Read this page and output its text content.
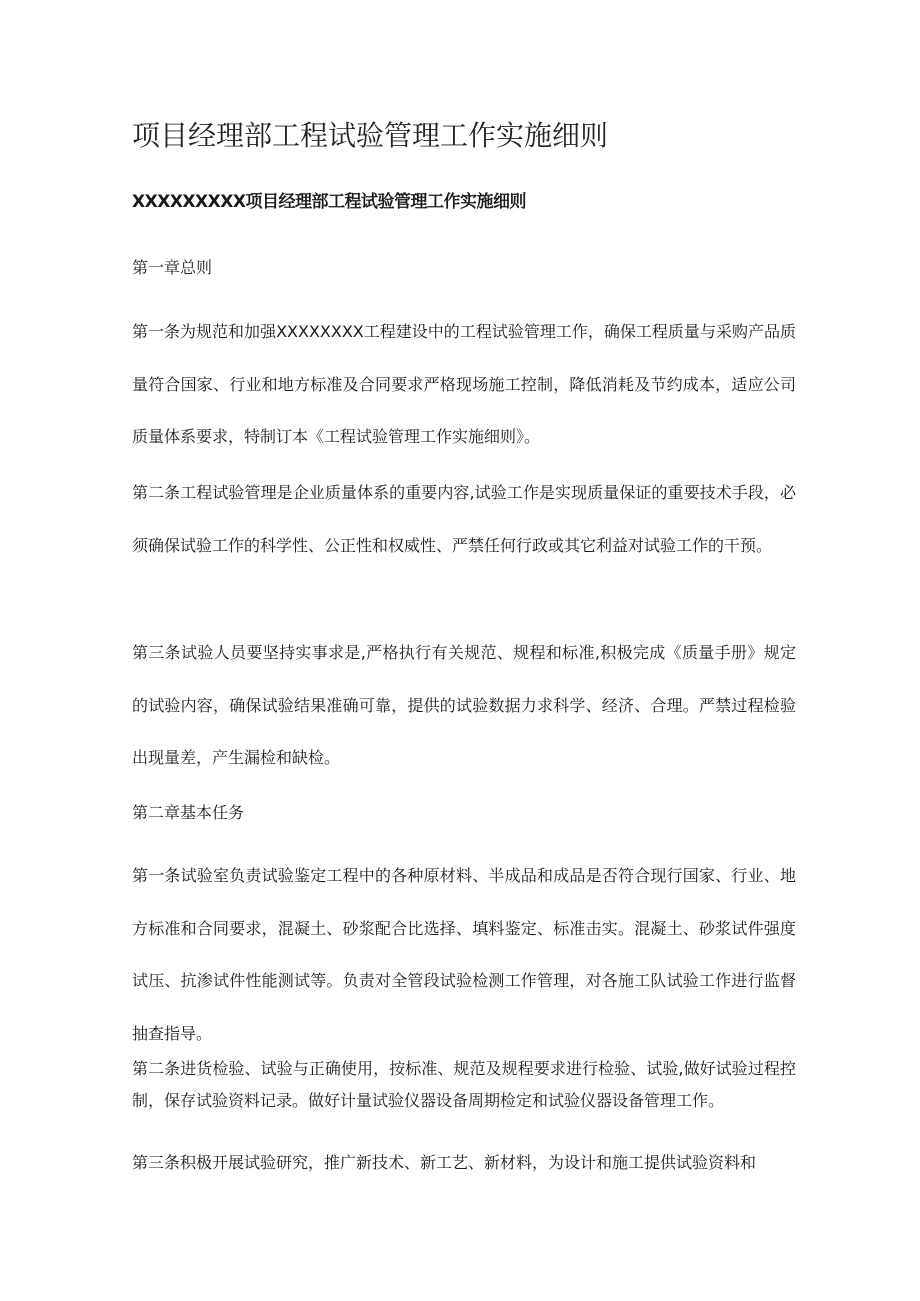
项目经理部工程试验管理工作实施细则
XXXXXXXXX项目经理部工程试验管理工作实施细则
第一章总则

第一条为规范和加强XXXXXXXX工程建设中的工程试验管理工作，确保工程质量与采购产品质量符合国家、行业和地方标准及合同要求严格现场施工控制，降低消耗及节约成本，适应公司质量体系要求，特制订本《工程试验管理工作实施细则》。

第二条工程试验管理是企业质量体系的重要内容,试验工作是实现质量保证的重要技术手段，必须确保试验工作的科学性、公正性和权威性、严禁任何行政或其它利益对试验工作的干预。

第三条试验人员要坚持实事求是,严格执行有关规范、规程和标准,积极完成《质量手册》规定的试验内容，确保试验结果准确可靠，提供的试验数据力求科学、经济、合理。严禁过程检验出现量差，产生漏检和缺检。

第二章基本任务

第一条试验室负责试验鉴定工程中的各种原材料、半成品和成品是否符合现行国家、行业、地方标准和合同要求，混凝土、砂浆配合比选择、填料鉴定、标准击实。混凝土、砂浆试件强度试压、抗渗试件性能测试等。负责对全管段试验检测工作管理，对各施工队试验工作进行监督抽查指导。

第二条进货检验、试验与正确使用，按标准、规范及规程要求进行检验、试验,做好试验过程控制，保存试验资料记录。做好计量试验仪器设备周期检定和试验仪器设备管理工作。

第三条积极开展试验研究，推广新技术、新工艺、新材料，为设计和施工提供试验资料和
